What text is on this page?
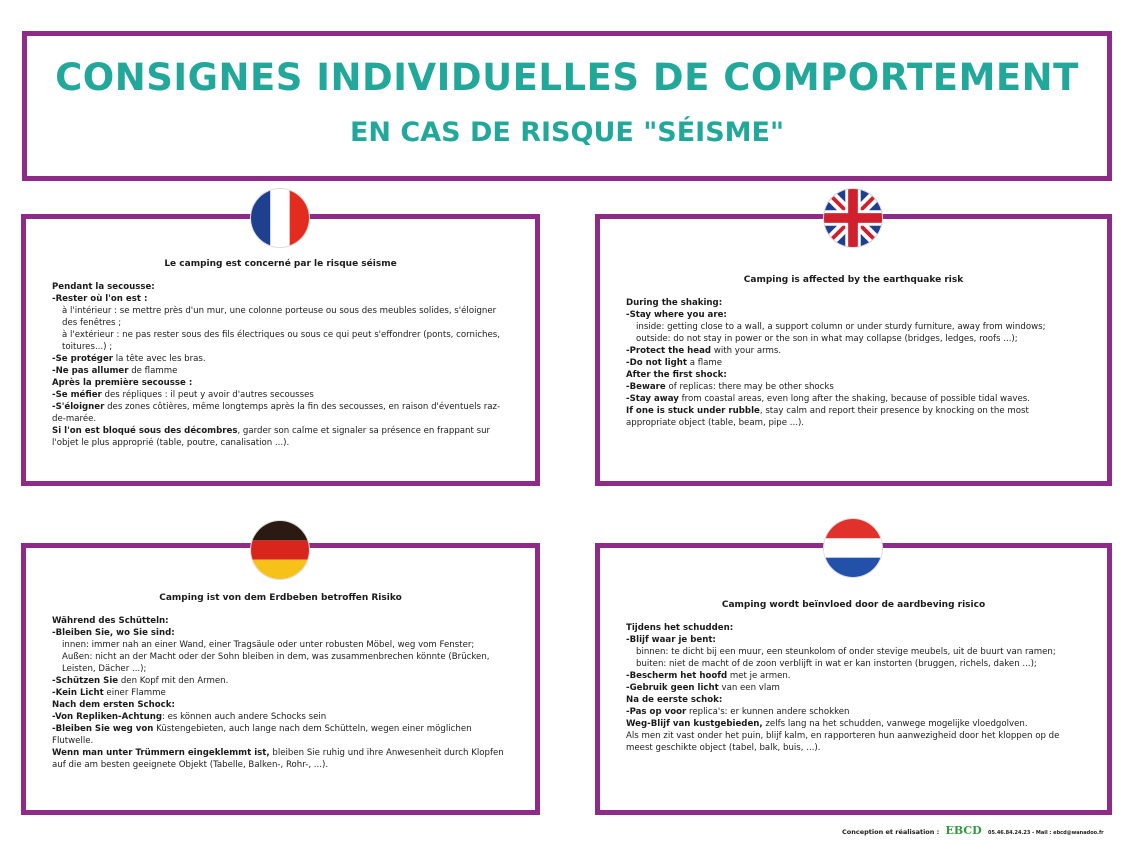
CONSIGNES INDIVIDUELLES DE COMPORTEMENT
EN CAS DE RISQUE "SÉISME"
Le camping est concerné par le risque séisme
Pendant la secousse:
-Rester où l'on est :
à l'intérieur : se mettre près d'un mur, une colonne porteuse ou sous des meubles solides, s'éloigner des fenêtres ;
à l'extérieur : ne pas rester sous des fils électriques ou sous ce qui peut s'effondrer (ponts, corniches, toitures...) ;
-Se protéger la tête avec les bras.
-Ne pas allumer de flamme
Après la première secousse :
-Se méfier des répliques : il peut y avoir d'autres secousses
-S'éloigner des zones côtières, même longtemps après la fin des secousses, en raison d'éventuels raz-de-marée.
Si l'on est bloqué sous des décombres, garder son calme et signaler sa présence en frappant sur l'objet le plus approprié (table, poutre, canalisation ...).
Camping is affected by the earthquake risk
During the shaking:
-Stay where you are:
inside: getting close to a wall, a support column or under sturdy furniture, away from windows;
outside: do not stay in power or the son in what may collapse (bridges, ledges, roofs ...);
-Protect the head with your arms.
-Do not light a flame
After the first shock:
-Beware of replicas: there may be other shocks
-Stay away from coastal areas, even long after the shaking, because of possible tidal waves.
If one is stuck under rubble, stay calm and report their presence by knocking on the most appropriate object (table, beam, pipe ...).
Camping ist von dem Erdbeben betroffen Risiko
Während des Schütteln:
-Bleiben Sie, wo Sie sind:
innen: immer nah an einer Wand, einer Tragsäule oder unter robusten Möbel, weg vom Fenster;
Außen: nicht an der Macht oder der Sohn bleiben in dem, was zusammenbrechen könnte (Brücken, Leisten, Dächer ...);
-Schützen Sie den Kopf mit den Armen.
-Kein Licht einer Flamme
Nach dem ersten Schock:
-Von Repliken-Achtung: es können auch andere Schocks sein
-Bleiben Sie weg von Küstengebieten, auch lange nach dem Schütteln, wegen einer möglichen Flutwelle.
Wenn man unter Trümmern eingeklemmt ist, bleiben Sie ruhig und ihre Anwesenheit durch Klopfen auf die am besten geeignete Objekt (Tabelle, Balken-, Rohr-, ...).
Camping wordt beïnvloed door de aardbeving risico
Tijdens het schudden:
-Blijf waar je bent:
binnen: te dicht bij een muur, een steunkolom of onder stevige meubels, uit de buurt van ramen;
buiten: niet de macht of de zoon verblijft in wat er kan instorten (bruggen, richels, daken ...);
-Bescherm het hoofd met je armen.
-Gebruik geen licht van een vlam
Na de eerste schok:
-Pas op voor replica's: er kunnen andere schokken
Weg-Blijf van kustgebieden, zelfs lang na het schudden, vanwege mogelijke vloedgolven.
Als men zit vast onder het puin, blijf kalm, en rapporteren hun aanwezigheid door het kloppen op de meest geschikte object (tabel, balk, buis, ...).
Conception et réalisation : EBCD 05.46.84.24.23 - Mail : ebcd@wanadoo.fr
